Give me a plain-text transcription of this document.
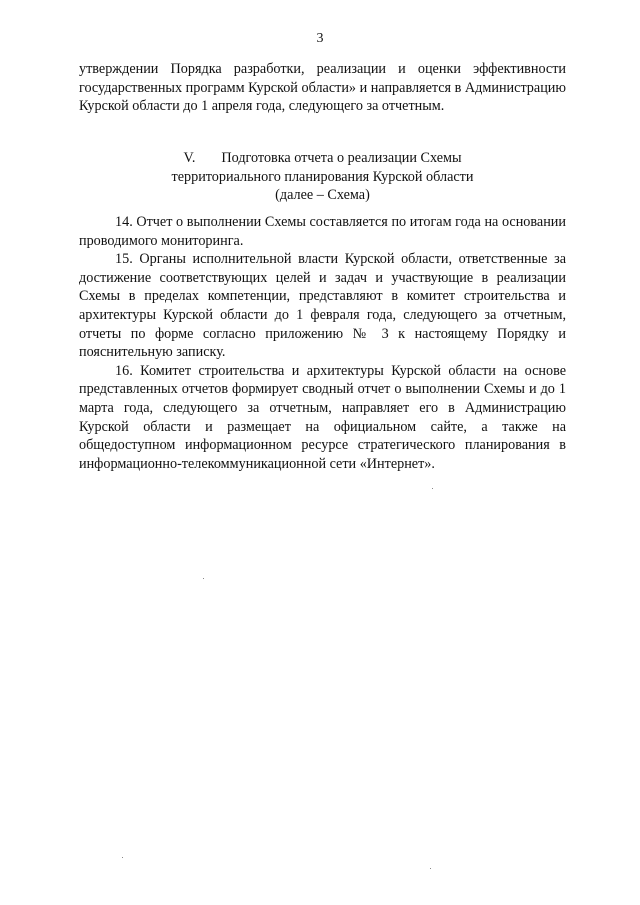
3
утверждении Порядка разработки, реализации и оценки эффективности государственных программ Курской области» и направляется в Администрацию Курской области до 1 апреля года, следующего за отчетным.
V. Подготовка отчета о реализации Схемы
территориального планирования Курской области
(далее – Схема)

14. Отчет о выполнении Схемы составляется по итогам года на основании проводимого мониторинга.

15. Органы исполнительной власти Курской области, ответственные за достижение соответствующих целей и задач и участвующие в реализации Схемы в пределах компетенции, представляют в комитет строительства и архитектуры Курской области до 1 февраля года, следующего за отчетным, отчеты по форме согласно приложению № 3 к настоящему Порядку и пояснительную записку.

16. Комитет строительства и архитектуры Курской области на основе представленных отчетов формирует сводный отчет о выполнении Схемы и до 1 марта года, следующего за отчетным, направляет его в Администрацию Курской области и размещает на официальном сайте, а также на общедоступном информационном ресурсе стратегического планирования в информационно-телекоммуникационной сети «Интернет».
